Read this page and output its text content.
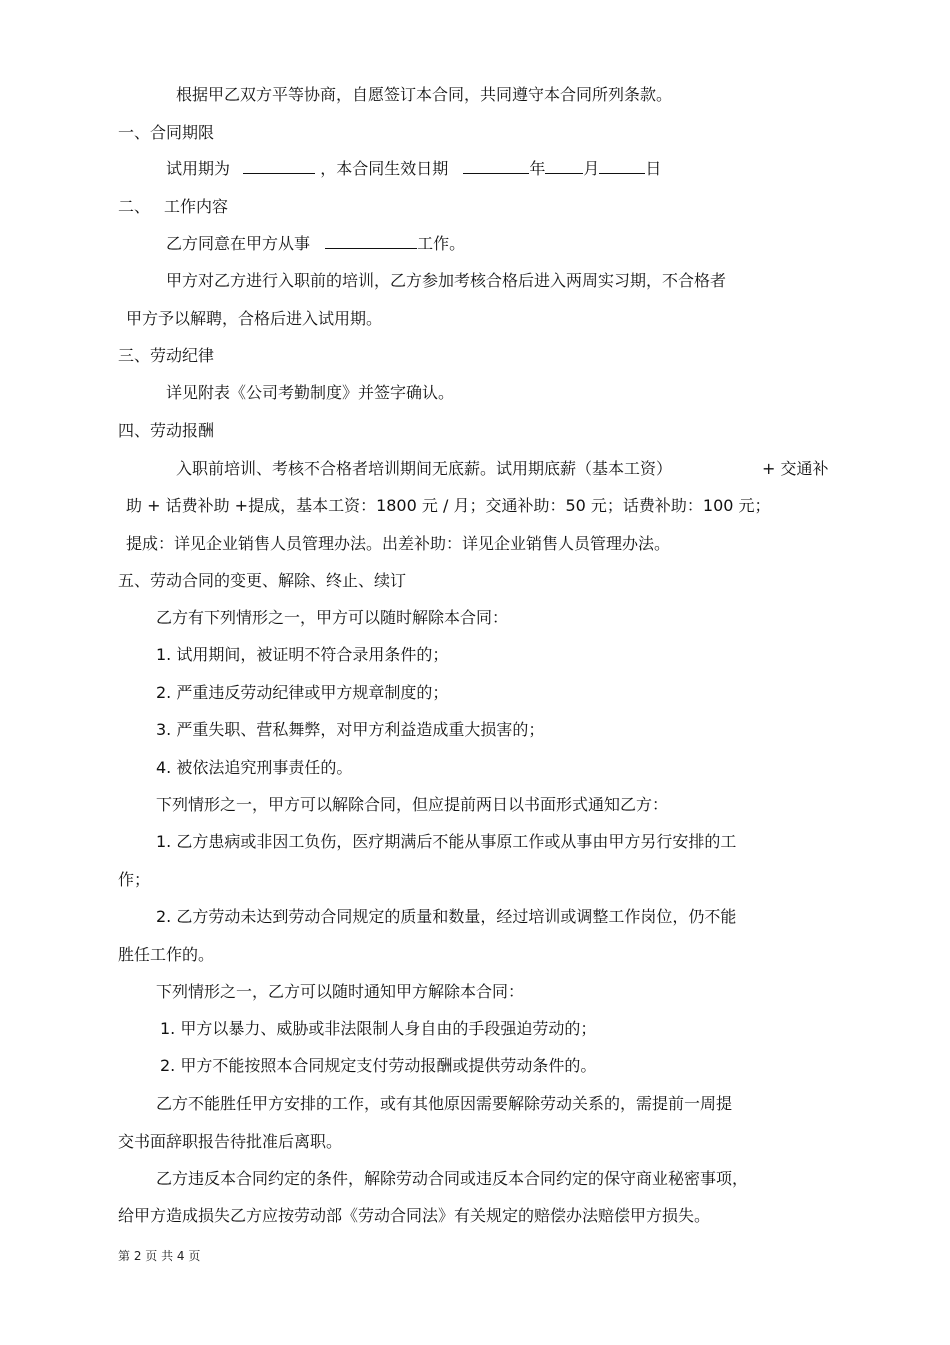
根据甲乙双方平等协商，自愿签订本合同，共同遵守本合同所列条款。
一、合同期限
试用期为	，本合同生效日期	年 月	日
二、 工作内容
乙方同意在甲方从事	工作。
甲方对乙方进行入职前的培训，乙方参加考核合格后进入两周实习期，不合格者
甲方予以解聘，合格后进入试用期。
三、劳动纪律
详见附表《公司考勤制度》并签字确认。
四、劳动报酬
入职前培训、考核不合格者培训期间无底薪。试用期底薪（基本工资）	+ 交通补
助 + 话费补助 +提成，基本工资：1800 元 / 月；交通补助：50 元；话费补助：100 元；
提成：详见企业销售人员管理办法。出差补助：详见企业销售人员管理办法。
五、劳动合同的变更、解除、终止、续订
乙方有下列情形之一，甲方可以随时解除本合同：
1. 试用期间，被证明不符合录用条件的；
2. 严重违反劳动纪律或甲方规章制度的；
3. 严重失职、营私舞弊，对甲方利益造成重大损害的；
4. 被依法追究刑事责任的。
下列情形之一，甲方可以解除合同，但应提前两日以书面形式通知乙方：
1. 乙方患病或非因工负伤，医疗期满后不能从事原工作或从事由甲方另行安排的工
作；
2. 乙方劳动未达到劳动合同规定的质量和数量，经过培训或调整工作岗位，仍不能
胜任工作的。
下列情形之一，乙方可以随时通知甲方解除本合同：
1. 甲方以暴力、威胁或非法限制人身自由的手段强迫劳动的；
2. 甲方不能按照本合同规定支付劳动报酬或提供劳动条件的。
乙方不能胜任甲方安排的工作，或有其他原因需要解除劳动关系的，需提前一周提
交书面辞职报告待批准后离职。
乙方违反本合同约定的条件，解除劳动合同或违反本合同约定的保守商业秘密事项，
给甲方造成损失乙方应按劳动部《劳动合同法》有关规定的赔偿办法赔偿甲方损失。
第 2 页 共 4 页
